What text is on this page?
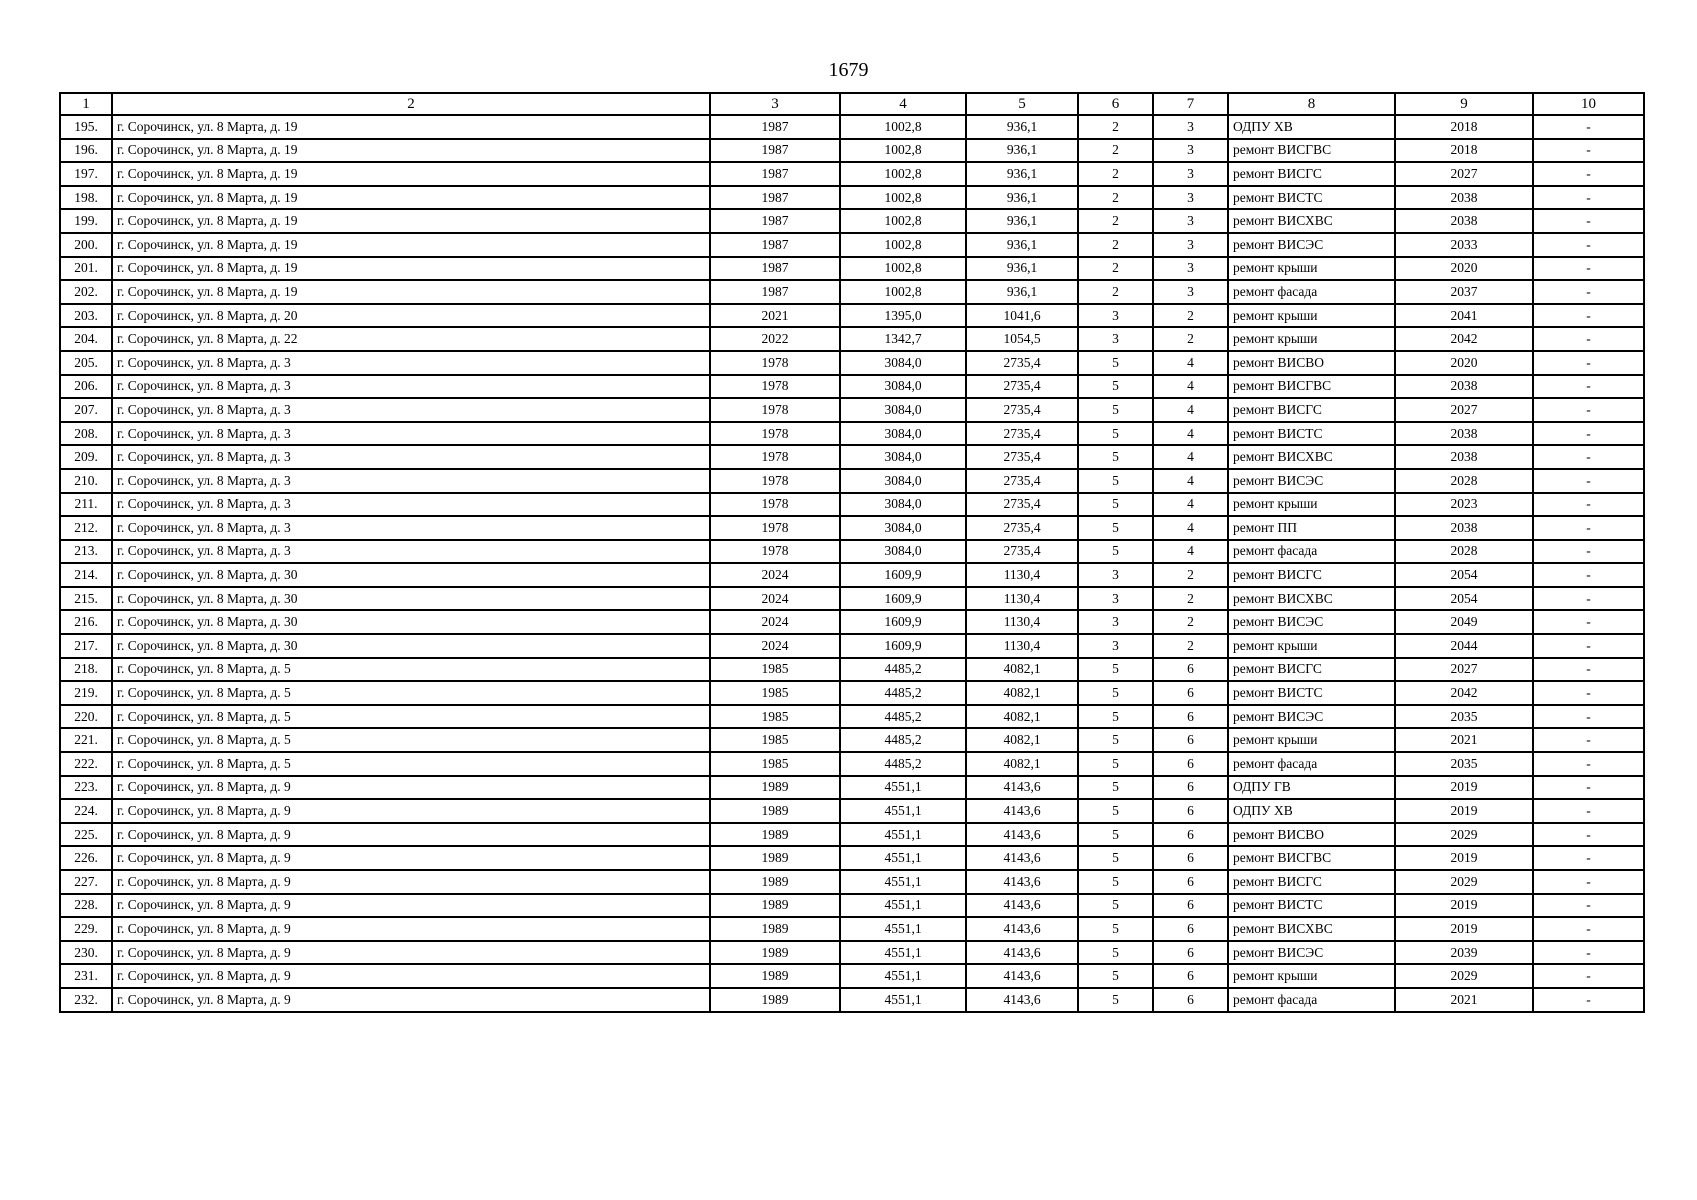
1679
1	2	3	4	5	6	7	8	9	10
195.	г. Сорочинск, ул. 8 Марта, д. 19	1987	1002,8	936,1	2	3	ОДПУ ХВ	2018	-
196.	г. Сорочинск, ул. 8 Марта, д. 19	1987	1002,8	936,1	2	3	ремонт ВИСГВС	2018	-
197.	г. Сорочинск, ул. 8 Марта, д. 19	1987	1002,8	936,1	2	3	ремонт ВИСГС	2027	-
198.	г. Сорочинск, ул. 8 Марта, д. 19	1987	1002,8	936,1	2	3	ремонт ВИСТС	2038	-
199.	г. Сорочинск, ул. 8 Марта, д. 19	1987	1002,8	936,1	2	3	ремонт ВИСХВС	2038	-
200.	г. Сорочинск, ул. 8 Марта, д. 19	1987	1002,8	936,1	2	3	ремонт ВИСЭС	2033	-
201.	г. Сорочинск, ул. 8 Марта, д. 19	1987	1002,8	936,1	2	3	ремонт крыши	2020	-
202.	г. Сорочинск, ул. 8 Марта, д. 19	1987	1002,8	936,1	2	3	ремонт фасада	2037	-
203.	г. Сорочинск, ул. 8 Марта, д. 20	2021	1395,0	1041,6	3	2	ремонт крыши	2041	-
204.	г. Сорочинск, ул. 8 Марта, д. 22	2022	1342,7	1054,5	3	2	ремонт крыши	2042	-
205.	г. Сорочинск, ул. 8 Марта, д. 3	1978	3084,0	2735,4	5	4	ремонт ВИСВО	2020	-
206.	г. Сорочинск, ул. 8 Марта, д. 3	1978	3084,0	2735,4	5	4	ремонт ВИСГВС	2038	-
207.	г. Сорочинск, ул. 8 Марта, д. 3	1978	3084,0	2735,4	5	4	ремонт ВИСГС	2027	-
208.	г. Сорочинск, ул. 8 Марта, д. 3	1978	3084,0	2735,4	5	4	ремонт ВИСТС	2038	-
209.	г. Сорочинск, ул. 8 Марта, д. 3	1978	3084,0	2735,4	5	4	ремонт ВИСХВС	2038	-
210.	г. Сорочинск, ул. 8 Марта, д. 3	1978	3084,0	2735,4	5	4	ремонт ВИСЭС	2028	-
211.	г. Сорочинск, ул. 8 Марта, д. 3	1978	3084,0	2735,4	5	4	ремонт крыши	2023	-
212.	г. Сорочинск, ул. 8 Марта, д. 3	1978	3084,0	2735,4	5	4	ремонт ПП	2038	-
213.	г. Сорочинск, ул. 8 Марта, д. 3	1978	3084,0	2735,4	5	4	ремонт фасада	2028	-
214.	г. Сорочинск, ул. 8 Марта, д. 30	2024	1609,9	1130,4	3	2	ремонт ВИСГС	2054	-
215.	г. Сорочинск, ул. 8 Марта, д. 30	2024	1609,9	1130,4	3	2	ремонт ВИСХВС	2054	-
216.	г. Сорочинск, ул. 8 Марта, д. 30	2024	1609,9	1130,4	3	2	ремонт ВИСЭС	2049	-
217.	г. Сорочинск, ул. 8 Марта, д. 30	2024	1609,9	1130,4	3	2	ремонт крыши	2044	-
218.	г. Сорочинск, ул. 8 Марта, д. 5	1985	4485,2	4082,1	5	6	ремонт ВИСГС	2027	-
219.	г. Сорочинск, ул. 8 Марта, д. 5	1985	4485,2	4082,1	5	6	ремонт ВИСТС	2042	-
220.	г. Сорочинск, ул. 8 Марта, д. 5	1985	4485,2	4082,1	5	6	ремонт ВИСЭС	2035	-
221.	г. Сорочинск, ул. 8 Марта, д. 5	1985	4485,2	4082,1	5	6	ремонт крыши	2021	-
222.	г. Сорочинск, ул. 8 Марта, д. 5	1985	4485,2	4082,1	5	6	ремонт фасада	2035	-
223.	г. Сорочинск, ул. 8 Марта, д. 9	1989	4551,1	4143,6	5	6	ОДПУ ГВ	2019	-
224.	г. Сорочинск, ул. 8 Марта, д. 9	1989	4551,1	4143,6	5	6	ОДПУ ХВ	2019	-
225.	г. Сорочинск, ул. 8 Марта, д. 9	1989	4551,1	4143,6	5	6	ремонт ВИСВО	2029	-
226.	г. Сорочинск, ул. 8 Марта, д. 9	1989	4551,1	4143,6	5	6	ремонт ВИСГВС	2019	-
227.	г. Сорочинск, ул. 8 Марта, д. 9	1989	4551,1	4143,6	5	6	ремонт ВИСГС	2029	-
228.	г. Сорочинск, ул. 8 Марта, д. 9	1989	4551,1	4143,6	5	6	ремонт ВИСТС	2019	-
229.	г. Сорочинск, ул. 8 Марта, д. 9	1989	4551,1	4143,6	5	6	ремонт ВИСХВС	2019	-
230.	г. Сорочинск, ул. 8 Марта, д. 9	1989	4551,1	4143,6	5	6	ремонт ВИСЭС	2039	-
231.	г. Сорочинск, ул. 8 Марта, д. 9	1989	4551,1	4143,6	5	6	ремонт крыши	2029	-
232.	г. Сорочинск, ул. 8 Марта, д. 9	1989	4551,1	4143,6	5	6	ремонт фасада	2021	-
